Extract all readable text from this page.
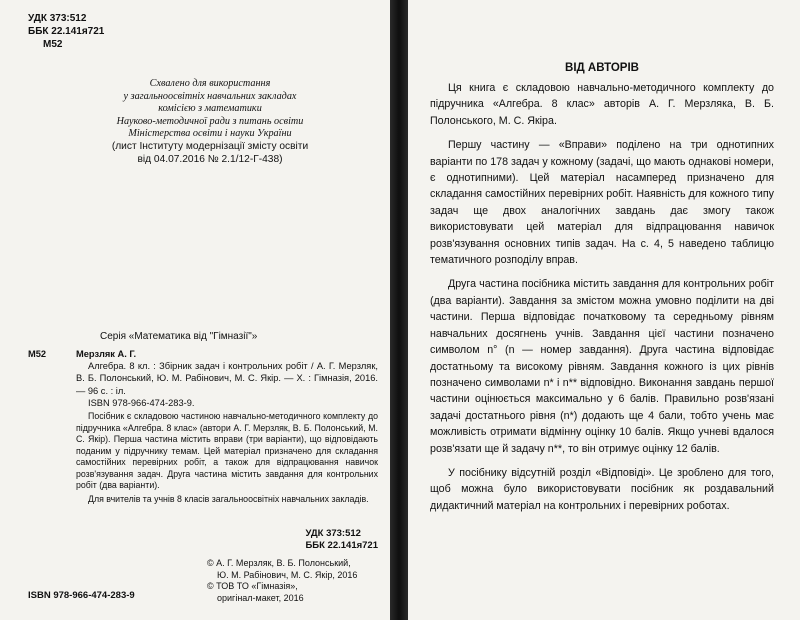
УДК 373:512
ББК 22.141я721
М52
Схвалено для використання
у загальноосвітніх навчальних закладах
комісією з математики
Науково-методичної ради з питань освіти
Міністерства освіти і науки України
(лист Інституту модернізації змісту освіти
від 04.07.2016 № 2.1/12-Г-438)
Серія «Математика від "Гімназії"»
М52	Мерзляк А. Г.
Алгебра. 8 кл. : Збірник задач і контрольних робіт / А. Г. Мерзляк, В. Б. Полонський, Ю. М. Рабінович, М. С. Якір. — Х. : Гімназія, 2016. — 96 с. : іл.
ISBN 978-966-474-283-9.
Посібник є складовою частиною навчально-методичного комплекту до підручника «Алгебра. 8 клас» (автори А. Г. Мерзляк, В. Б. Полонський, М. С. Якір). Перша частина містить вправи (три варіанти), що відповідають поданим у підручнику темам. Цей матеріал призначено для складання самостійних перевірних робіт, а також для відпрацювання навичок розв'язування задач. Друга частина містить завдання для контрольних робіт (два варіанти).
Для вчителів та учнів 8 класів загальноосвітніх навчальних закладів.
УДК 373:512
ББК 22.141я721
© А. Г. Мерзляк, В. Б. Полонський,
Ю. М. Рабінович, М. С. Якір, 2016
© ТОВ ТО «Гімназія»,
оригінал-макет, 2016
ISBN 978-966-474-283-9
ВІД АВТОРІВ

Ця книга є складовою навчально-методичного комплекту до підручника «Алгебра. 8 клас» авторів А. Г. Мерзляка, В. Б. Полонського, М. С. Якіра.

Першу частину — «Вправи» поділено на три однотипних варіанти по 178 задач у кожному (задачі, що мають однакові номери, є однотипними). Цей матеріал насамперед призначено для складання самостійних перевірних робіт. Наявність для кожного типу задач ще двох аналогічних завдань дає змогу також використовувати цей матеріал для відпрацювання навичок розв'язування основних типів задач. На с. 4, 5 наведено таблицю тематичного розподілу вправ.

Друга частина посібника містить завдання для контрольних робіт (два варіанти). Завдання за змістом можна умовно поділити на дві частини. Перша відповідає початковому та середньому рівням навчальних досягнень учнів. Завдання цієї частини позначено символом n° (n — номер завдання). Друга частина відповідає достатньому та високому рівням. Завдання кожного із цих рівнів позначено символами n* і n** відповідно. Виконання завдань першої частини оцінюється максимально у 6 балів. Правильно розв'язані задачі достатнього рівня (n*) додають ще 4 бали, тобто учень має можливість отримати відмінну оцінку 10 балів. Якщо учневі вдалося розв'язати ще й задачу n**, то він отримує оцінку 12 балів.

У посібнику відсутній розділ «Відповіді». Це зроблено для того, щоб можна було використовувати посібник як роздавальний дидактичний матеріал на контрольних і перевірних роботах.
